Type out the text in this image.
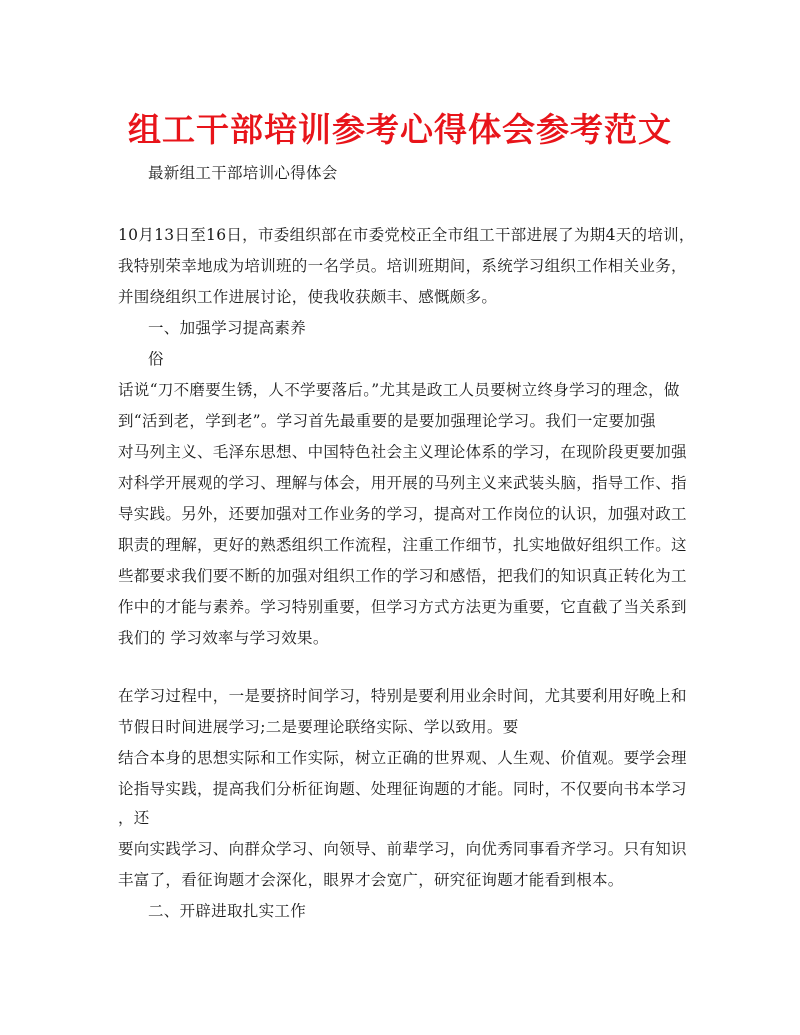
组工干部培训参考心得体会参考范文
最新组工干部培训心得体会
10月13日至16日，市委组织部在市委党校正全市组工干部进展了为期4天的培训，
我特别荣幸地成为培训班的一名学员。培训班期间，系统学习组织工作相关业务，
并围绕组织工作进展讨论，使我收获颇丰、感慨颇多。
一、加强学习提高素养
俗
话说“刀不磨要生锈，人不学要落后。”尤其是政工人员要树立终身学习的理念，做
到“活到老，学到老”。学习首先最重要的是要加强理论学习。我们一定要加强
对马列主义、毛泽东思想、中国特色社会主义理论体系的学习，在现阶段更要加强
对科学开展观的学习、理解与体会，用开展的马列主义来武装头脑，指导工作、指
导实践。另外，还要加强对工作业务的学习，提高对工作岗位的认识，加强对政工
职责的理解，更好的熟悉组织工作流程，注重工作细节，扎实地做好组织工作。这
些都要求我们要不断的加强对组织工作的学习和感悟，把我们的知识真正转化为工
作中的才能与素养。学习特别重要，但学习方式方法更为重要，它直截了当关系到
我们的 学习效率与学习效果。
在学习过程中，一是要挤时间学习，特别是要利用业余时间，尤其要利用好晚上和
节假日时间进展学习;二是要理论联络实际、学以致用。要
结合本身的思想实际和工作实际，树立正确的世界观、人生观、价值观。要学会理
论指导实践，提高我们分析征询题、处理征询题的才能。同时，不仅要向书本学习
，还
要向实践学习、向群众学习、向领导、前辈学习，向优秀同事看齐学习。只有知识
丰富了，看征询题才会深化，眼界才会宽广，研究征询题才能看到根本。
二、开辟进取扎实工作
